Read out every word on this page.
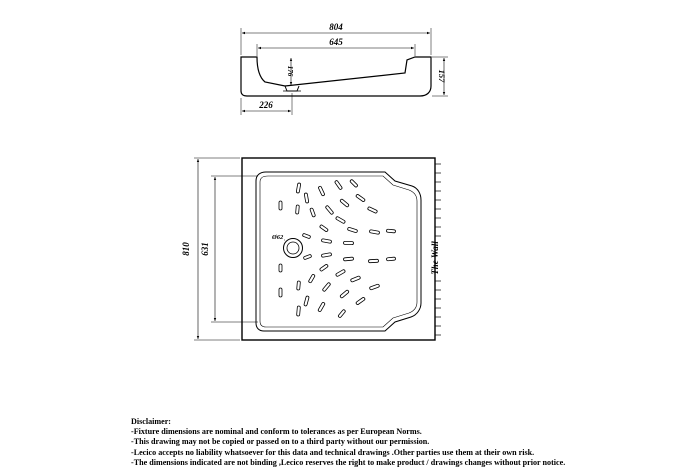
804
645
176	157
226
810 631
Ø62
The Wall
Disclaimer:
-Fixture dimensions are nominal and conform to tolerances as per European Norms.
-This drawing may not be copied or passed on to a third party without our permission.
-Lecico accepts no liability whatsoever for this data and technical drawings .Other parties use them at their own risk.
-The dimensions indicated are not binding ,Lecico reserves the right to make product / drawings changes without prior notice.
